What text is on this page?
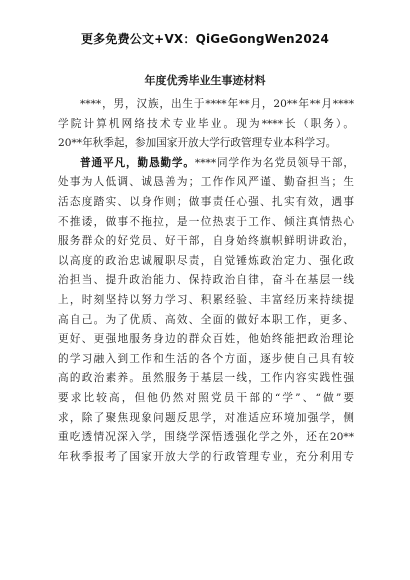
更多免费公文+VX：QiGeGongWen2024
年度优秀毕业生事迹材料
****，男，汉族，出生于****年**月，20**年**月****
学院计算机网络技术专业毕业。现为****长（职务）。
20**年秋季起，参加国家开放大学行政管理专业本科学习。
普通平凡，勤恳勤学。****同学作为名党员领导干部，
处事为人低调、诚恳善为；工作作风严谨、勤奋担当；生
活态度踏实、以身作则；做事责任心强、扎实有效，遇事
不推诿，做事不拖拉，是一位热衷于工作、倾注真情热心
服务群众的好党员、好干部，自身始终旗帜鲜明讲政治，
以高度的政治忠诚履职尽责，自觉锤炼政治定力、强化政
治担当、提升政治能力、保持政治自律，奋斗在基层一线
上，时刻坚持以努力学习、积累经验、丰富经历来持续提
高自己。为了优质、高效、全面的做好本职工作，更多、
更好、更强地服务身边的群众百姓，他始终能把政治理论
的学习融入到工作和生活的各个方面，逐步使自己具有较
高的政治素养。虽然服务于基层一线，工作内容实践性强
要求比较高，但他仍然对照党员干部的“学”、“做”要
求，除了聚焦现象问题反思学，对准适应环境加强学，侧
重吃透情况深入学，围绕学深悟透强化学之外，还在20**
年秋季报考了国家开放大学的行政管理专业，充分利用专
